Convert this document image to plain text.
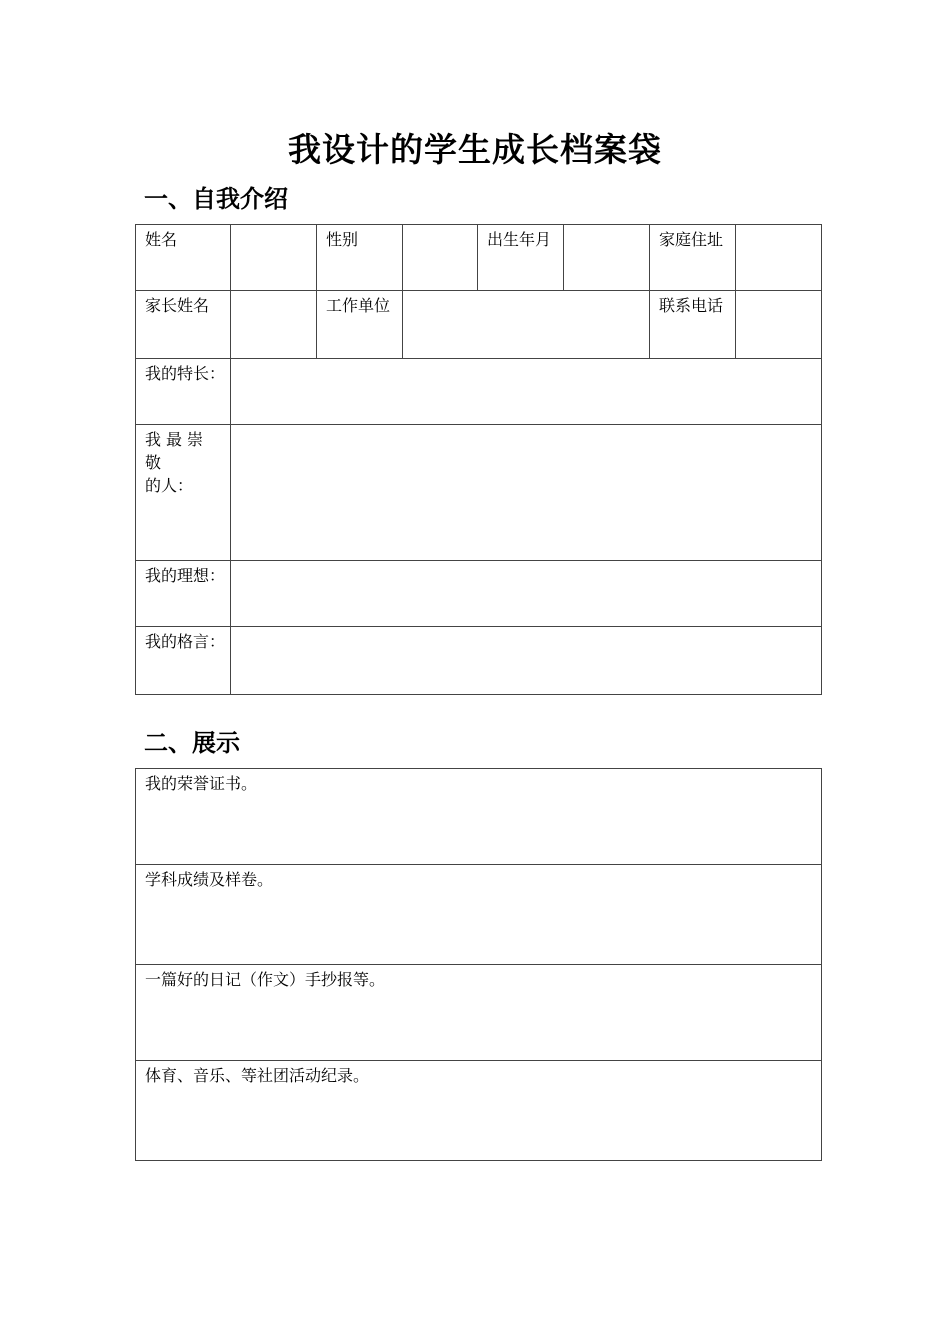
我设计的学生成长档案袋
一、自我介绍
姓名		性别		出生年月		家庭住址	
家长姓名		工作单位				联系电话	
我的特长：							

我最崇敬
的人：							

我的理想：							
我的格言：							
二、展示
我的荣誉证书。
学科成绩及样卷。
一篇好的日记（作文）手抄报等。
体育、音乐、等社团活动纪录。
